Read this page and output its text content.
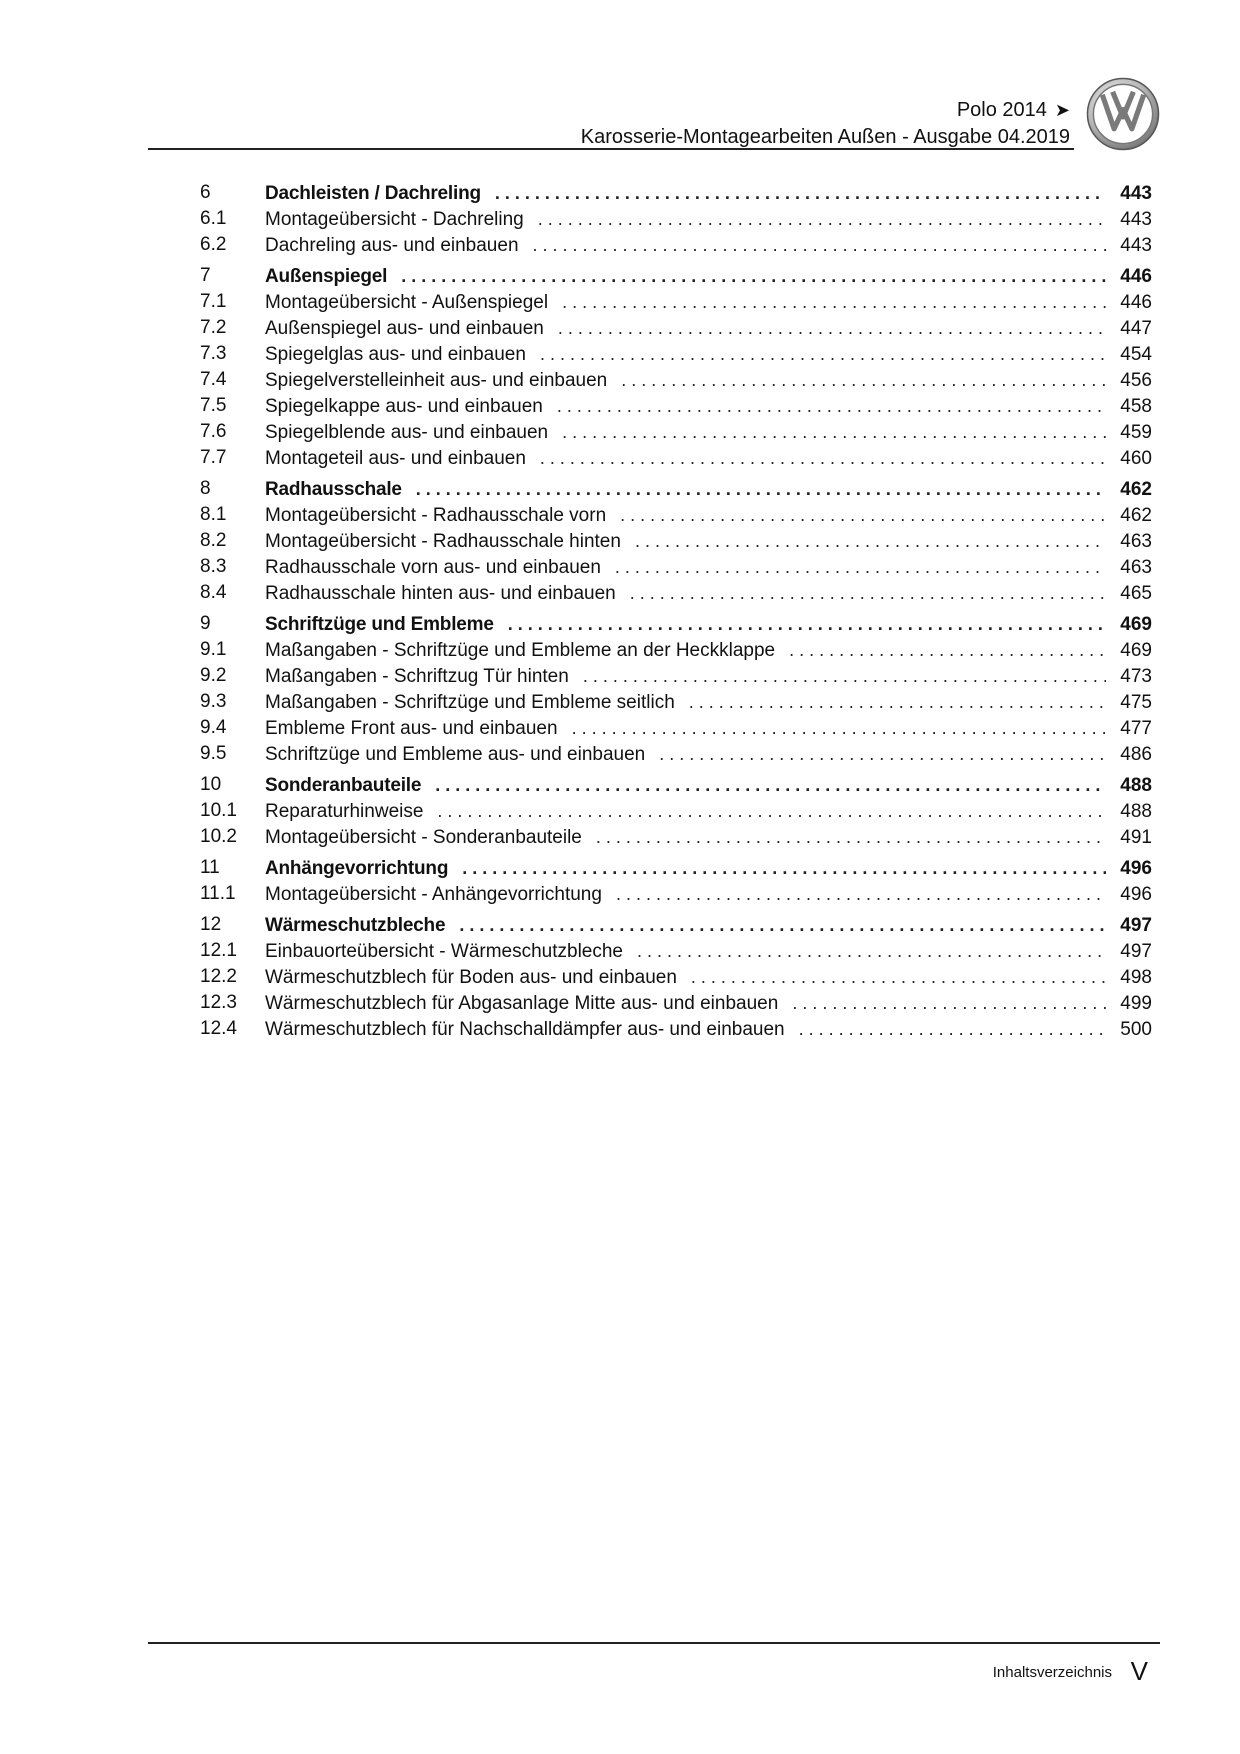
Polo 2014 ➤
Karosserie-Montagearbeiten Außen - Ausgabe 04.2019
6	Dachleisten / Dachreling . . .	443
6.1 Montageübersicht - Dachreling . . .	443
6.2 Dachreling aus- und einbauen . . .	443
7	Außenspiegel . . .	446
7.1 Montageübersicht - Außenspiegel . . .	446
7.2 Außenspiegel aus- und einbauen . . .	447
7.3 Spiegelglas aus- und einbauen . . .	454
7.4 Spiegelverstelleinheit aus- und einbauen . . .	456
7.5 Spiegelkappe aus- und einbauen . . .	458
7.6 Spiegelblende aus- und einbauen . . .	459
7.7 Montageteil aus- und einbauen . . .	460
8	Radhausschale . . .	462
8.1 Montageübersicht - Radhausschale vorn . . .	462
8.2 Montageübersicht - Radhausschale hinten . . .	463
8.3 Radhausschale vorn aus- und einbauen . . .	463
8.4 Radhausschale hinten aus- und einbauen . . .	465
9	Schriftzüge und Embleme . . .	469
9.1 Maßangaben - Schriftzüge und Embleme an der Heckklappe . . .	469
9.2 Maßangaben - Schriftzug Tür hinten . . .	473
9.3 Maßangaben - Schriftzüge und Embleme seitlich . . .	475
9.4 Embleme Front aus- und einbauen . . .	477
9.5 Schriftzüge und Embleme aus- und einbauen . . .	486
10 Sonderanbauteile . . .	488
10.1 Reparaturhinweise . . .	488
10.2 Montageübersicht - Sonderanbauteile . . .	491
11 Anhängevorrichtung . . .	496
11.1 Montageübersicht - Anhängevorrichtung . . .	496
12 Wärmeschutzbleche . . .	497
12.1 Einbauorteübersicht - Wärmeschutzbleche . . .	497
12.2 Wärmeschutzblech für Boden aus- und einbauen . . .	498
12.3 Wärmeschutzblech für Abgasanlage Mitte aus- und einbauen . . .	499
12.4 Wärmeschutzblech für Nachschalldämpfer aus- und einbauen . . .	500
Inhaltsverzeichnis V
